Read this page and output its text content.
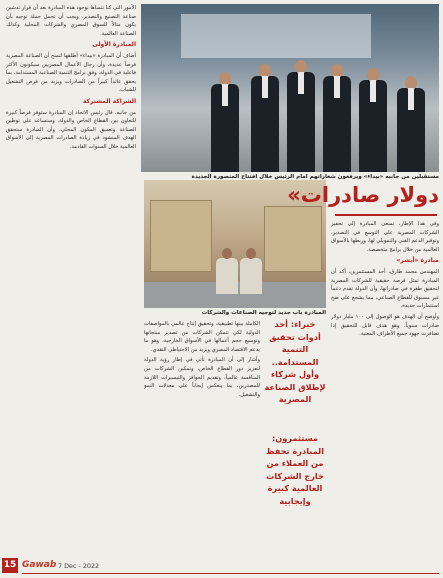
مستقبلين من جانبه «بيداء» ويرفعون شعاراتهم أمام الرئيس خلال افتتاح المنصورة الجديدة
المبادرة باب جديد لتوجيه الصناعات والشركات
دولار صادرات»

وفي هذا الإطار، تسعى المبادرة إلى تحفيز الشركات المصرية على التوسع في التصدير، وتوفير الدعم الفني والتمويلي لها، وربطها بالأسواق العالمية من خلال برامج متخصصة.

مبادرة «أبشر»

المهندس محمد طارق، أحد المستثمرين، أكد أن المبادرة تمثل فرصة حقيقية للشركات المصرية لتحقيق طفرة في صادراتها، وأن الدولة تقدم دعماً غير مسبوق للقطاع الصناعي، مما يشجع على ضخ استثمارات جديدة.

وأوضح أن الهدف هو الوصول إلى ١٠٠ مليار دولار صادرات سنوياً، وهو هدف قابل للتحقيق إذا تضافرت جهود جميع الأطراف المعنية.

الكاملة بينها تطبيقية، وتحقيق إنتاج عالمي بالمواصفات الدولية لكي تتمكن الشركات من تصدير منتجاتها وتوسيع حجم أعمالها في الأسواق الخارجية، وهو ما يدعم الاقتصاد المصري ويزيد من الاحتياطي النقدي.

وأشار إلى أن المبادرة تأتي في إطار رؤية الدولة لتعزيز دور القطاع الخاص، وتمكين الشركات من المنافسة عالمياً، وتقديم الحوافز والتيسيرات اللازمة للمصدرين، بما ينعكس إيجاباً على معدلات النمو والتشغيل.

خبراء: أحد أدوات تحقيق التنمية المستدامة.. وأول شركاء لإطلاق الصناعة المصرية
مستثمرون: المبادرة تحفظ من العملاء من خارج الشركات العالمية كبيرة وإيجابية

الأمور التي كنا نتمناها بوجود هذه المبادرة بعد أن قرار تدشين صناعة التصنيع والتصدير، ويجب أن تحمل حملة توجيه بأن يكون مثالاً للسوق المصري والشركات المحلية وكذلك الصناعة العالمية.

المبادرة الأولى

أضاف أن المبادرة «بيداء» أطلقها لتمنح أن الصناعة المصرية فرصاً عديدة، وأن رجال الأعمال المصريين سيكونون الأكثر فاعلية في الدولة، وفق برامج التنمية الصناعية المستدامة، بما يحقق عائداً كبيراً من الصادرات ويزيد من فرص التشغيل للشباب.

الشراكة المشتركة

من جانبه، قال رئيس الاتحاد إن المبادرة ستوفر فرصاً كبيرة للتعاون بين القطاع الخاص والدولة، وستساعد على توطين الصناعة وتعميق المكون المحلي، وأن المبادرة ستحقق الهدف المنشود في زيادة الصادرات المصرية إلى الأسواق العالمية خلال السنوات القادمة.

15 Gawab 7 Dec - 2022
